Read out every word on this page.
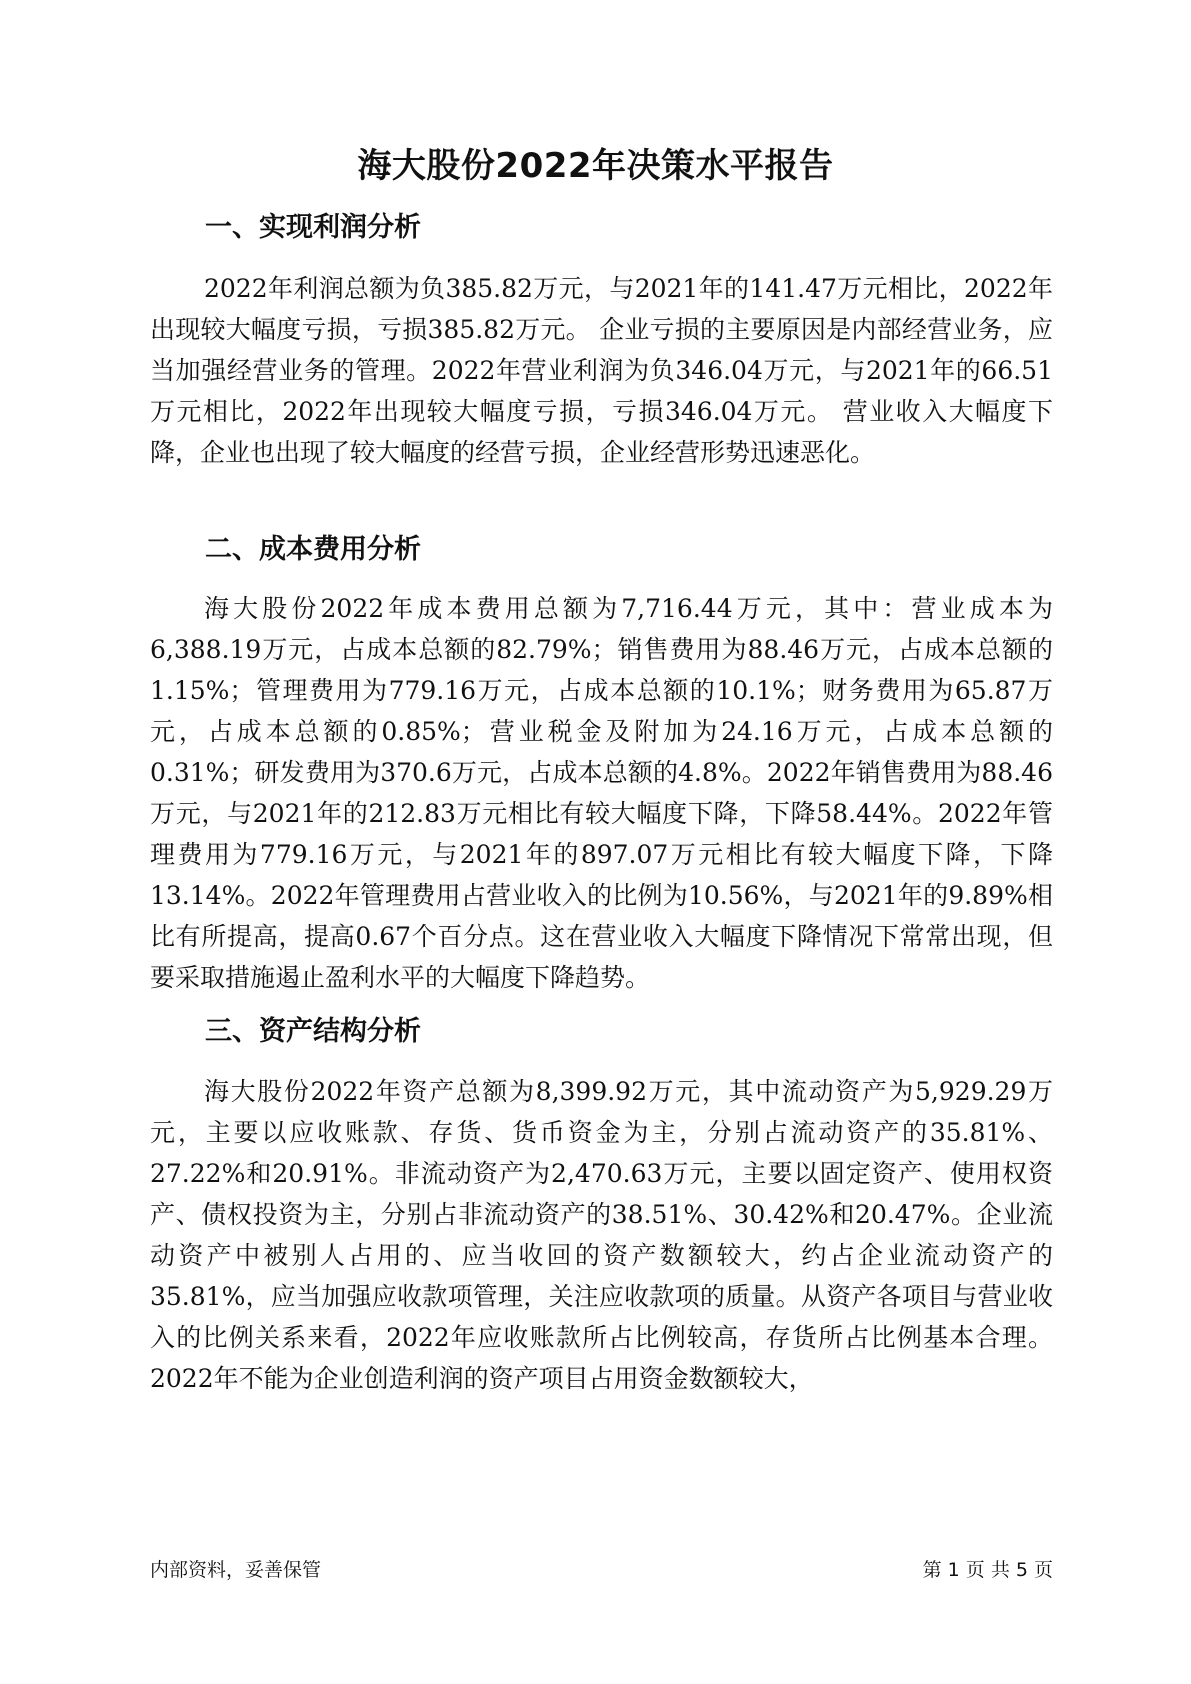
海大股份2022年决策水平报告
一、实现利润分析

2022年利润总额为负385.82万元，与2021年的141.47万元相比，2022年出现较大幅度亏损，亏损385.82万元。 企业亏损的主要原因是内部经营业务，应当加强经营业务的管理。2022年营业利润为负346.04万元，与2021年的66.51万元相比，2022年出现较大幅度亏损，亏损346.04万元。 营业收入大幅度下降，企业也出现了较大幅度的经营亏损，企业经营形势迅速恶化。

二、成本费用分析

海大股份2022年成本费用总额为7,716.44万元，其中：营业成本为6,388.19万元，占成本总额的82.79%；销售费用为88.46万元，占成本总额的1.15%；管理费用为779.16万元，占成本总额的10.1%；财务费用为65.87万元，占成本总额的0.85%；营业税金及附加为24.16万元，占成本总额的0.31%；研发费用为370.6万元，占成本总额的4.8%。2022年销售费用为88.46万元，与2021年的212.83万元相比有较大幅度下降，下降58.44%。2022年管理费用为779.16万元，与2021年的897.07万元相比有较大幅度下降，下降13.14%。2022年管理费用占营业收入的比例为10.56%，与2021年的9.89%相比有所提高，提高0.67个百分点。这在营业收入大幅度下降情况下常常出现，但要采取措施遏止盈利水平的大幅度下降趋势。

三、资产结构分析

海大股份2022年资产总额为8,399.92万元，其中流动资产为5,929.29万元，主要以应收账款、存货、货币资金为主，分别占流动资产的35.81%、27.22%和20.91%。非流动资产为2,470.63万元，主要以固定资产、使用权资产、债权投资为主，分别占非流动资产的38.51%、30.42%和20.47%。企业流动资产中被别人占用的、应当收回的资产数额较大，约占企业流动资产的35.81%，应当加强应收款项管理，关注应收款项的质量。从资产各项目与营业收入的比例关系来看，2022年应收账款所占比例较高，存货所占比例基本合理。2022年不能为企业创造利润的资产项目占用资金数额较大，

内部资料，妥善保管	第 1 页 共 5 页
